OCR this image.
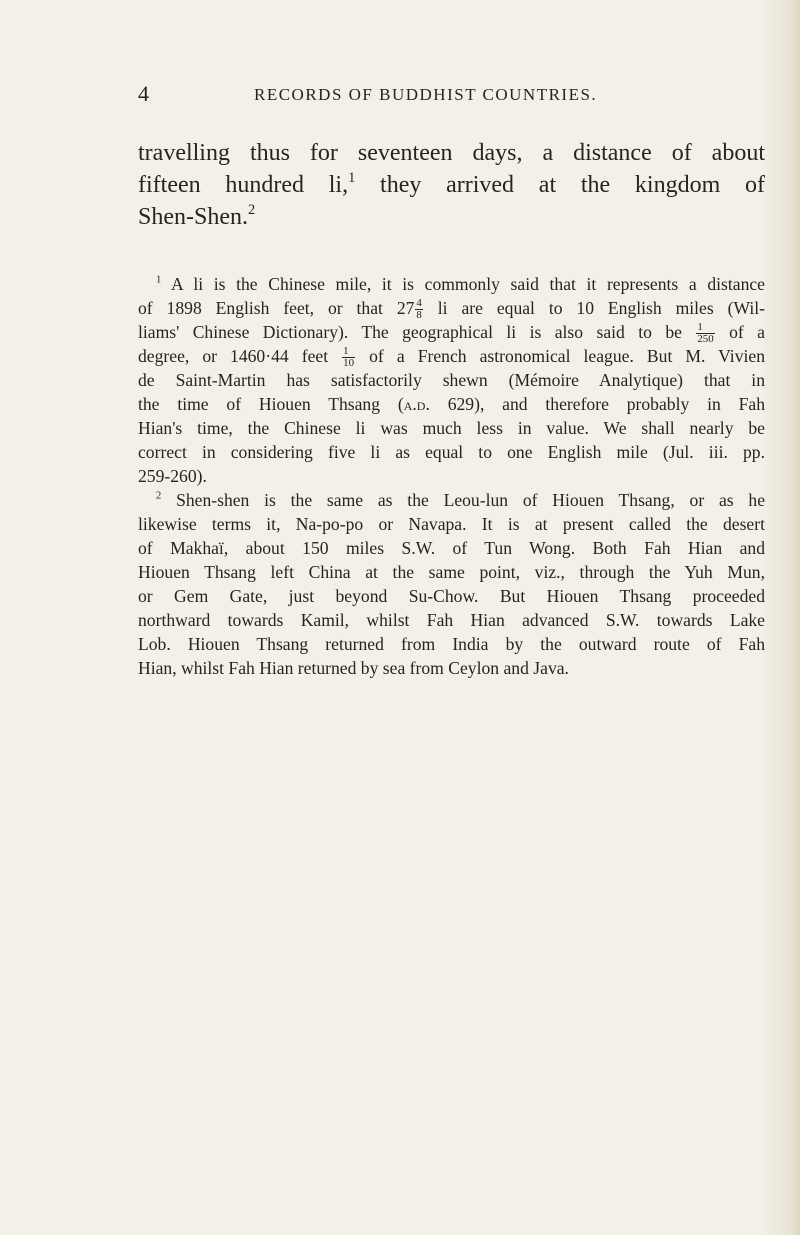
4	RECORDS OF BUDDHIST COUNTRIES.
travelling thus for seventeen days, a distance of about
fifteen hundred li,$^1$ they arrived at the kingdom of
Shen-Shen.$^2$
$^1$ A li is the Chinese mile, it is commonly said that it represents a distance
of 1898 English feet, or that $27 \frac{4}{8}$ li are equal to 10 English miles (Wil-
liams' Chinese Dictionary). The geographical li is also said to be $\frac{1}{250}$ of a
degree, or 1460·44 feet $\frac{1}{10}$ of a French astronomical league. But M. Vivien
de Saint-Martin has satisfactorily shewn (Mémoire Analytique) that in
the time of Hiouen Thsang (a.d. 629), and therefore probably in Fah
Hian's time, the Chinese li was much less in value. We shall nearly be
correct in considering five li as equal to one English mile (Jul. iii. pp.
259-260).
$^2$ Shen-shen is the same as the Leou-lun of Hiouen Thsang, or as he
likewise terms it, Na-po-po or Navapa. It is at present called the desert
of Makhaï, about 150 miles S.W. of Tun Wong. Both Fah Hian and
Hiouen Thsang left China at the same point, viz., through the Yuh Mun,
or Gem Gate, just beyond Su-Chow. But Hiouen Thsang proceeded
northward towards Kamil, whilst Fah Hian advanced S.W. towards Lake
Lob. Hiouen Thsang returned from India by the outward route of Fah
Hian, whilst Fah Hian returned by sea from Ceylon and Java.
